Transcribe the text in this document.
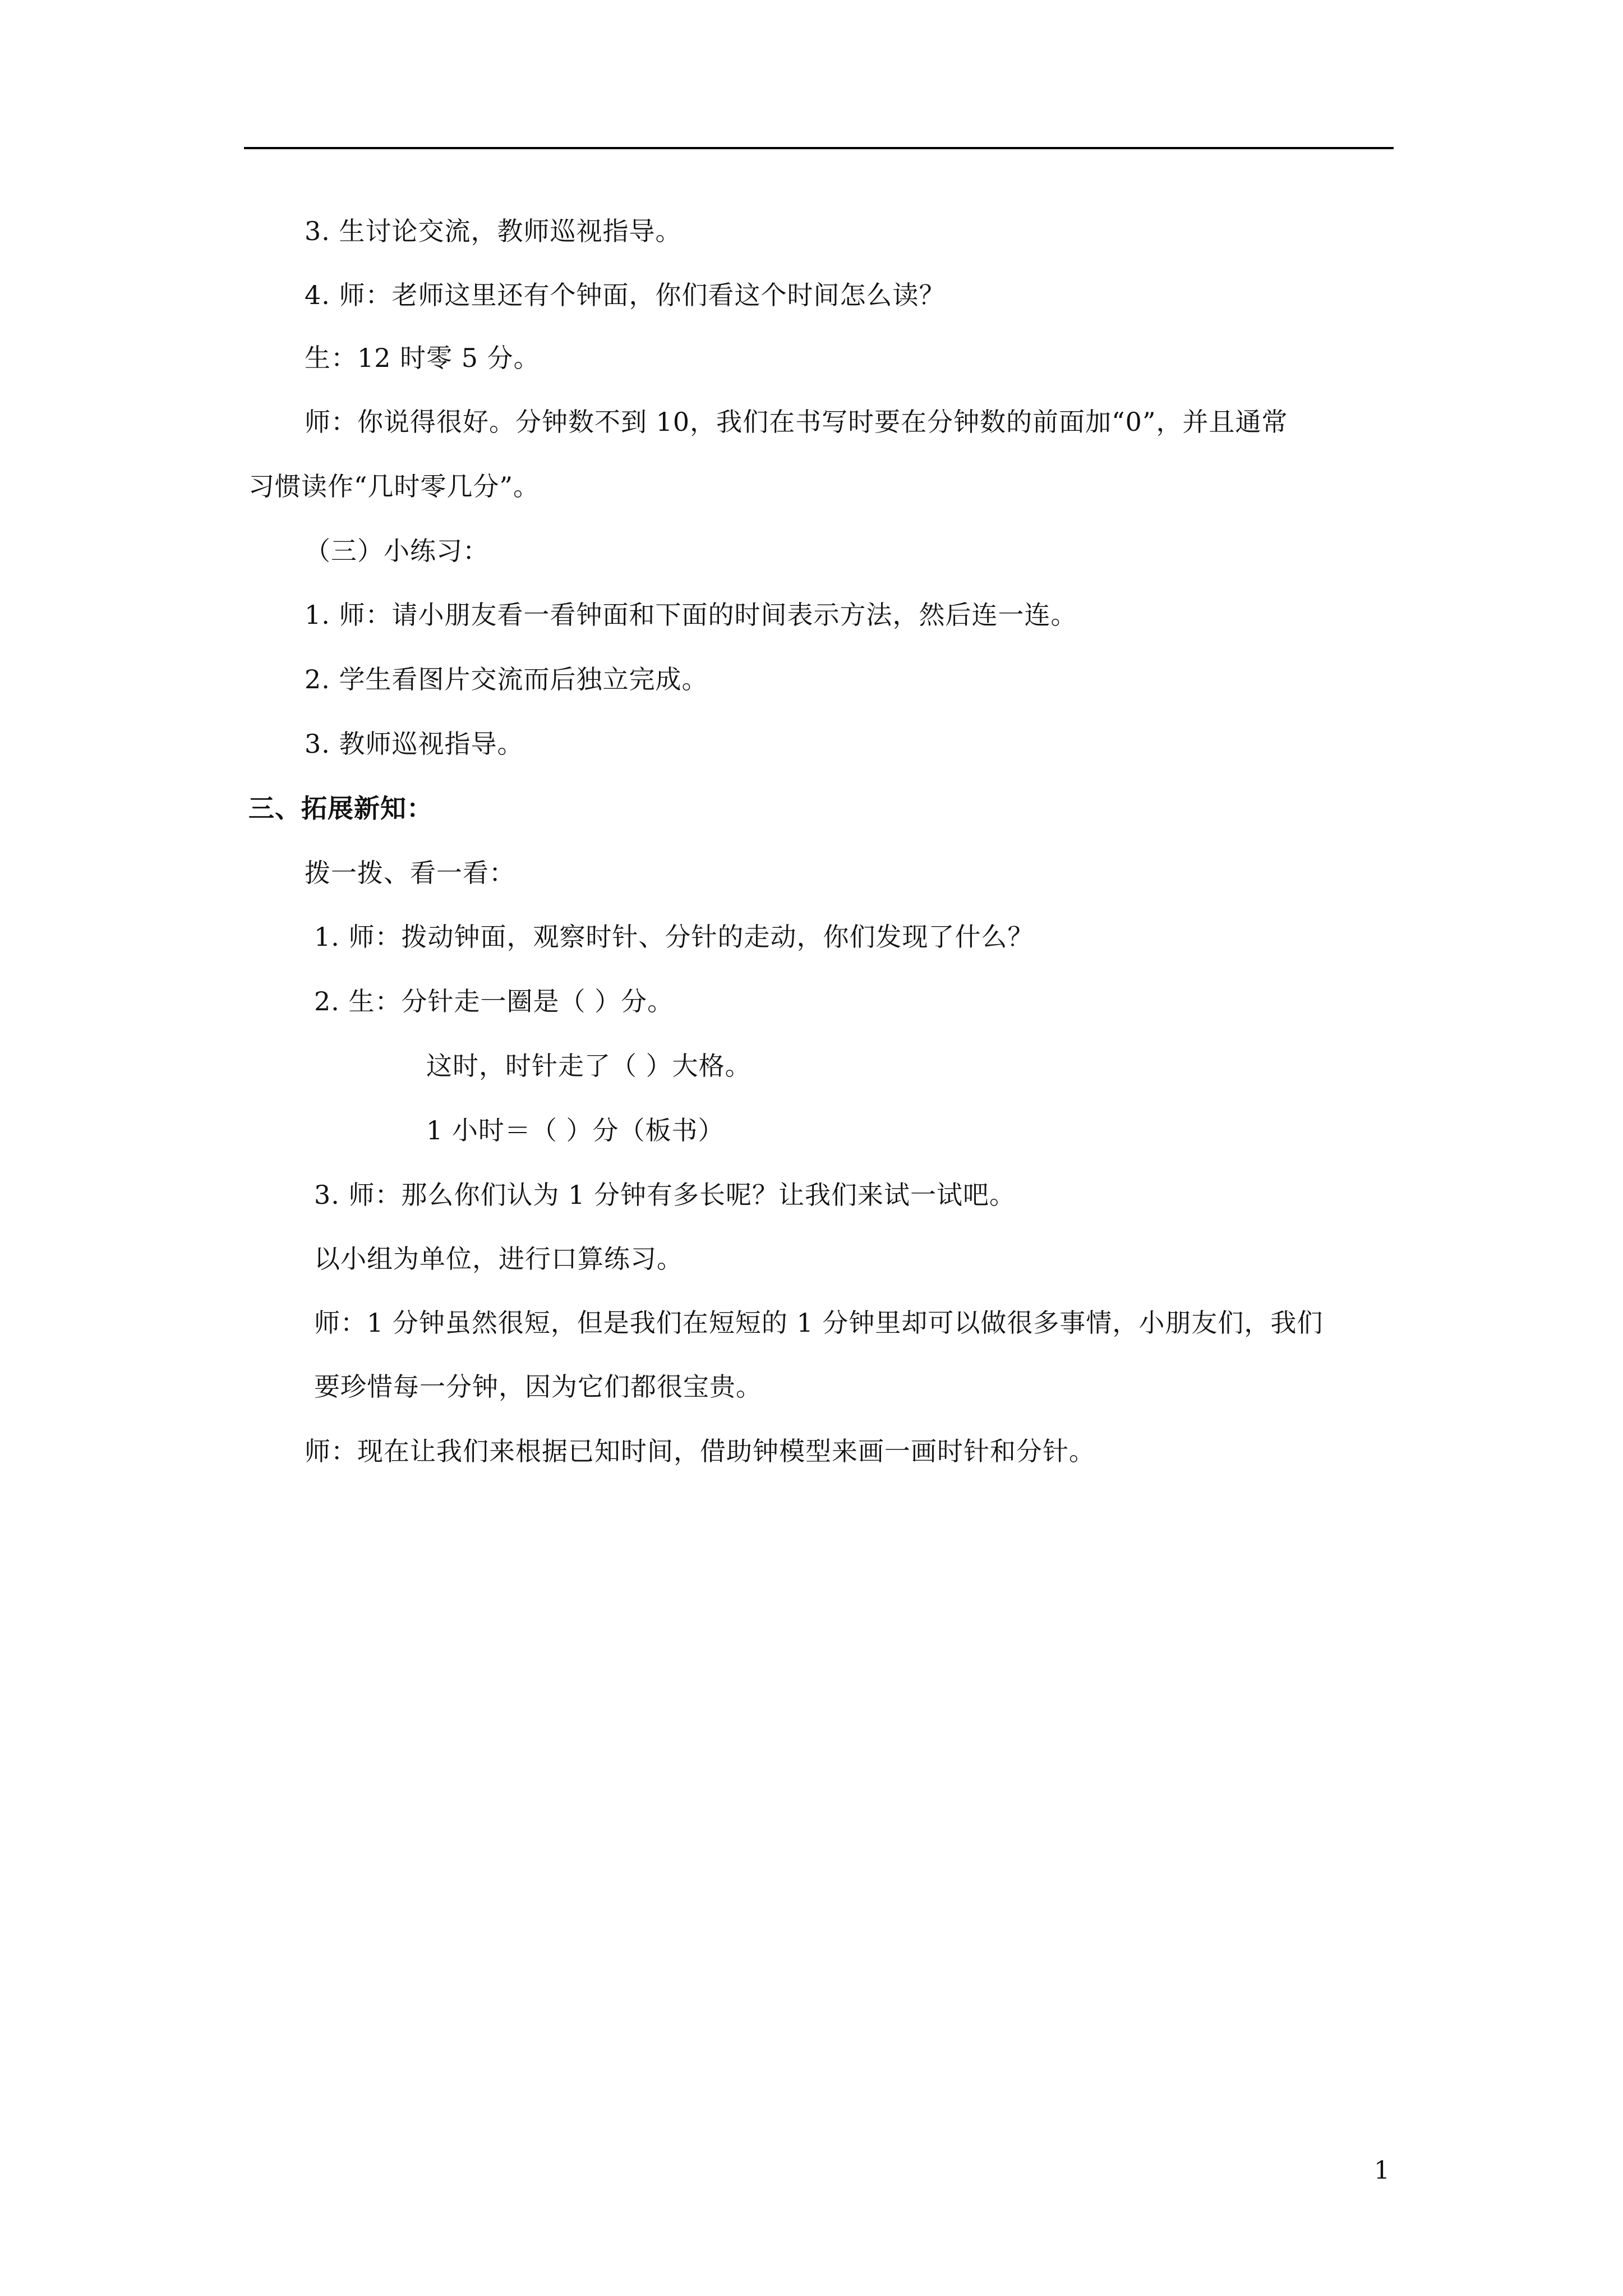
3. 生讨论交流，教师巡视指导。
4. 师：老师这里还有个钟面，你们看这个时间怎么读？
生：12 时零 5 分。
师：你说得很好。分钟数不到 10，我们在书写时要在分钟数的前面加“0”，并且通常
习惯读作“几时零几分”。
（三）小练习：
1. 师：请小朋友看一看钟面和下面的时间表示方法，然后连一连。
2. 学生看图片交流而后独立完成。
3. 教师巡视指导。
三、拓展新知：
拨一拨、看一看：
1. 师：拨动钟面，观察时针、分针的走动，你们发现了什么？
2. 生：分针走一圈是（ ）分。
这时，时针走了（ ）大格。
1 小时＝（ ）分（板书）
3. 师：那么你们认为 1 分钟有多长呢？让我们来试一试吧。
以小组为单位，进行口算练习。
师：1 分钟虽然很短，但是我们在短短的 1 分钟里却可以做很多事情，小朋友们，我们
要珍惜每一分钟，因为它们都很宝贵。
师：现在让我们来根据已知时间，借助钟模型来画一画时针和分针。
1
